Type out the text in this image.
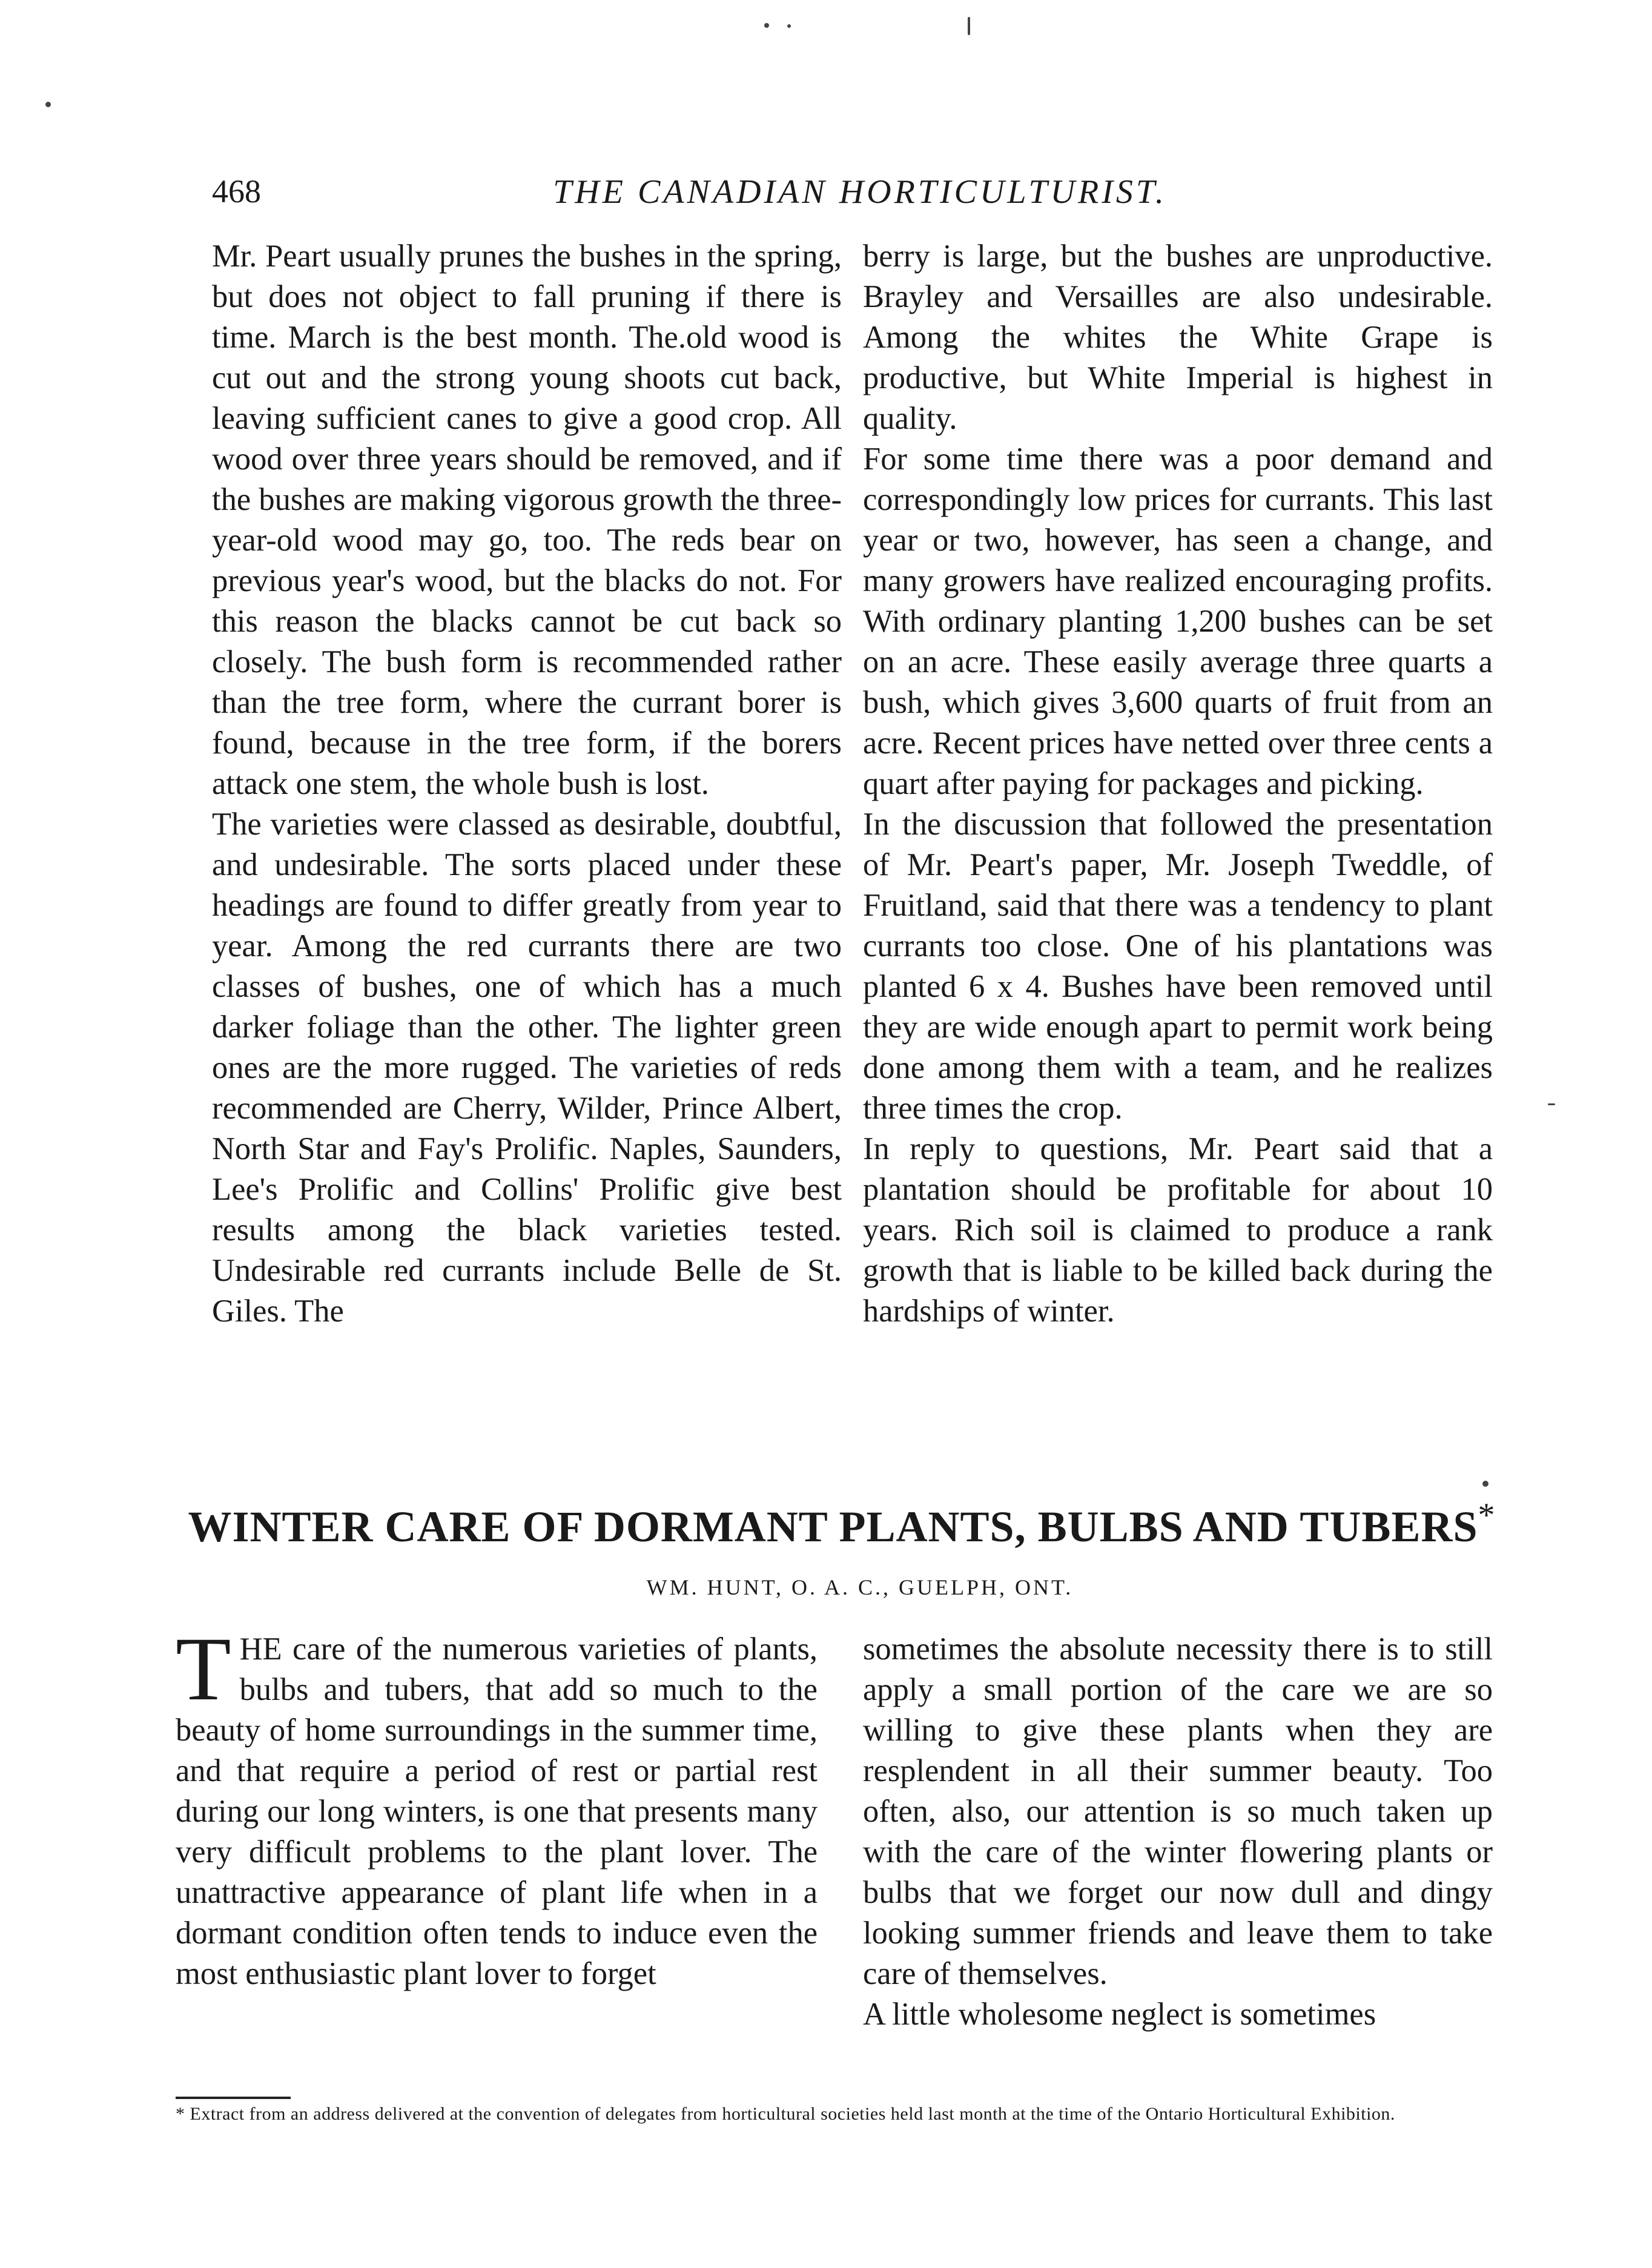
468	THE CANADIAN HORTICULTURIST.

Mr. Peart usually prunes the bushes in the spring, but does not object to fall pruning if there is time. March is the best month. The.old wood is cut out and the strong young shoots cut back, leaving sufficient canes to give a good crop. All wood over three years should be removed, and if the bushes are making vigorous growth the three-year-old wood may go, too. The reds bear on previous year's wood, but the blacks do not. For this reason the blacks cannot be cut back so closely. The bush form is recommended rather than the tree form, where the currant borer is found, because in the tree form, if the borers attack one stem, the whole bush is lost.

The varieties were classed as desirable, doubtful, and undesirable. The sorts placed under these headings are found to differ greatly from year to year. Among the red currants there are two classes of bushes, one of which has a much darker foliage than the other. The lighter green ones are the more rugged. The varieties of reds recommended are Cherry, Wilder, Prince Albert, North Star and Fay's Prolific. Naples, Saunders, Lee's Prolific and Collins' Prolific give best results among the black varieties tested. Undesirable red currants include Belle de St. Giles. The

berry is large, but the bushes are unproductive. Brayley and Versailles are also undesirable. Among the whites the White Grape is productive, but White Imperial is highest in quality.

For some time there was a poor demand and correspondingly low prices for currants. This last year or two, however, has seen a change, and many growers have realized encouraging profits. With ordinary planting 1,200 bushes can be set on an acre. These easily average three quarts a bush, which gives 3,600 quarts of fruit from an acre. Recent prices have netted over three cents a quart after paying for packages and picking.

In the discussion that followed the presentation of Mr. Peart's paper, Mr. Joseph Tweddle, of Fruitland, said that there was a tendency to plant currants too close. One of his plantations was planted 6 x 4. Bushes have been removed until they are wide enough apart to permit work being done among them with a team, and he realizes three times the crop.

In reply to questions, Mr. Peart said that a plantation should be profitable for about 10 years. Rich soil is claimed to produce a rank growth that is liable to be killed back during the hardships of winter.

WINTER CARE OF DORMANT PLANTS, BULBS AND TUBERS*
WM. HUNT, O. A. C., GUELPH, ONT.

THE care of the numerous varieties of plants, bulbs and tubers, that add so much to the beauty of home surroundings in the summer time, and that require a period of rest or partial rest during our long winters, is one that presents many very difficult problems to the plant lover. The unattractive appearance of plant life when in a dormant condition often tends to induce even the most enthusiastic plant lover to forget

sometimes the absolute necessity there is to still apply a small portion of the care we are so willing to give these plants when they are resplendent in all their summer beauty. Too often, also, our attention is so much taken up with the care of the winter flowering plants or bulbs that we forget our now dull and dingy looking summer friends and leave them to take care of themselves.

A little wholesome neglect is sometimes

* Extract from an address delivered at the convention of delegates from horticultural societies held last month at the time of the Ontario Horticultural Exhibition.
